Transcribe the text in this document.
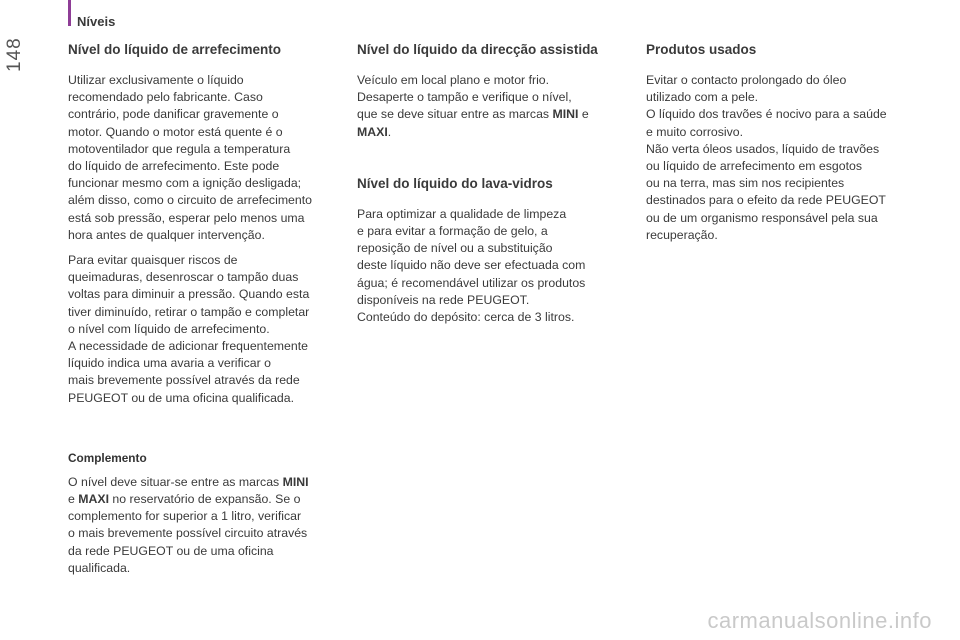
Níveis
148	Nível do líquido de arrefecimento

Utilizar exclusivamente o líquido
recomendado pelo fabricante. Caso
contrário, pode danificar gravemente o
motor. Quando o motor está quente é o
motoventilador que regula a temperatura
do líquido de arrefecimento. Este pode
funcionar mesmo com a ignição desligada;
além disso, como o circuito de arrefecimento
está sob pressão, esperar pelo menos uma
hora antes de qualquer intervenção.

Para evitar quaisquer riscos de
queimaduras, desenroscar o tampão duas
voltas para diminuir a pressão. Quando esta
tiver diminuído, retirar o tampão e completar
o nível com líquido de arrefecimento.
A necessidade de adicionar frequentemente
líquido indica uma avaria a verificar o
mais brevemente possível através da rede
PEUGEOT ou de uma oficina qualificada.

Complemento

O nível deve situar-se entre as marcas MINI
e MAXI no reservatório de expansão. Se o
complemento for superior a 1 litro, verificar
o mais brevemente possível circuito através
da rede PEUGEOT ou de uma oficina
qualificada.

Nível do líquido da direcção assistida

Veículo em local plano e motor frio.
Desaperte o tampão e verifique o nível,
que se deve situar entre as marcas MINI e
MAXI.

Nível do líquido do lava-vidros

Para optimizar a qualidade de limpeza
e para evitar a formação de gelo, a
reposição de nível ou a substituição
deste líquido não deve ser efectuada com
água; é recomendável utilizar os produtos
disponíveis na rede PEUGEOT.
Conteúdo do depósito: cerca de 3 litros.

Produtos usados

Evitar o contacto prolongado do óleo
utilizado com a pele.
O líquido dos travões é nocivo para a saúde
e muito corrosivo.
Não verta óleos usados, líquido de travões
ou líquido de arrefecimento em esgotos
ou na terra, mas sim nos recipientes
destinados para o efeito da rede PEUGEOT
ou de um organismo responsável pela sua
recuperação.

carmanualsonline.info
